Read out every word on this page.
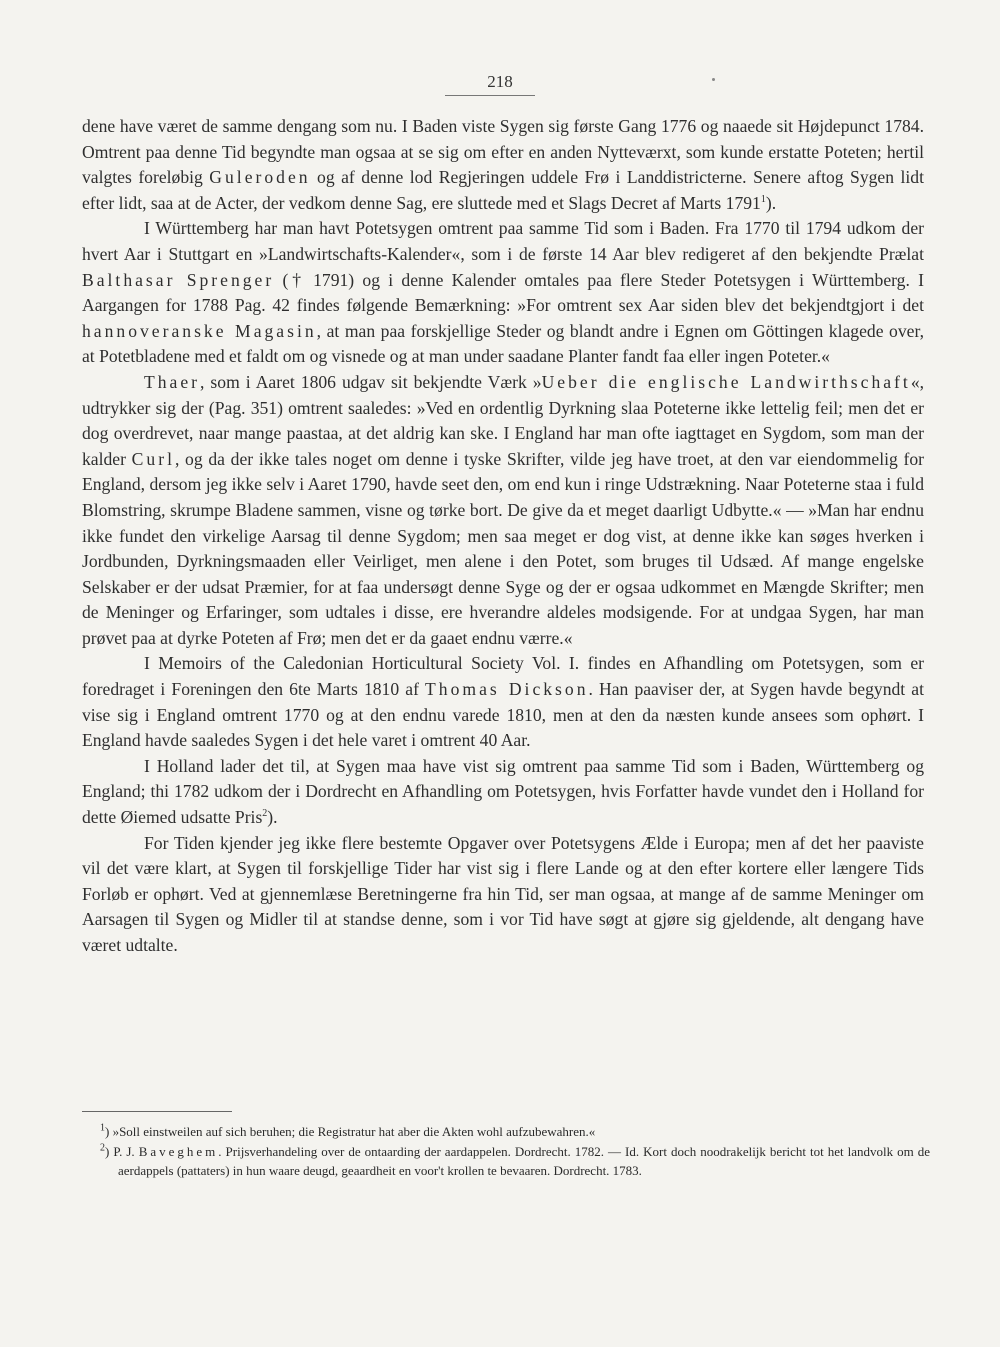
218

dene have været de samme dengang som nu. I Baden viste Sygen sig første Gang 1776 og naaede sit Højdepunct 1784. Omtrent paa denne Tid begyndte man ogsaa at se sig om efter en anden Nytteværxt, som kunde erstatte Poteten; hertil valgtes foreløbig Guleroden og af denne lod Regjeringen uddele Frø i Landdistricterne. Senere aftog Sygen lidt efter lidt, saa at de Acter, der vedkom denne Sag, ere sluttede med et Slags Decret af Marts 1791$^1$).

I Württemberg har man havt Potetsygen omtrent paa samme Tid som i Baden. Fra 1770 til 1794 udkom der hvert Aar i Stuttgart en »Landwirtschafts-Kalender«, som i de første 14 Aar blev redigeret af den bekjendte Prælat Balthasar Sprenger († 1791) og i denne Kalender omtales paa flere Steder Potetsygen i Württemberg. I Aargangen for 1788 Pag. 42 findes følgende Bemærkning: »For omtrent sex Aar siden blev det bekjendtgjort i det hannoveranske Magasin, at man paa forskjellige Steder og blandt andre i Egnen om Göttingen klagede over, at Potetbladene med et faldt om og visnede og at man under saadane Planter fandt faa eller ingen Poteter.«

Thaer, som i Aaret 1806 udgav sit bekjendte Værk »Ueber die englische Landwirthschaft«, udtrykker sig der (Pag. 351) omtrent saaledes: »Ved en ordentlig Dyrkning slaa Poteterne ikke lettelig feil; men det er dog overdrevet, naar mange paastaa, at det aldrig kan ske. I England har man ofte iagttaget en Sygdom, som man der kalder Curl, og da der ikke tales noget om denne i tyske Skrifter, vilde jeg have troet, at den var eiendommelig for England, dersom jeg ikke selv i Aaret 1790, havde seet den, om end kun i ringe Udstrækning. Naar Poteterne staa i fuld Blomstring, skrumpe Bladene sammen, visne og tørke bort. De give da et meget daarligt Udbytte.« — »Man har endnu ikke fundet den virkelige Aarsag til denne Sygdom; men saa meget er dog vist, at denne ikke kan søges hverken i Jordbunden, Dyrkningsmaaden eller Veirliget, men alene i den Potet, som bruges til Udsæd. Af mange engelske Selskaber er der udsat Præmier, for at faa undersøgt denne Syge og der er ogsaa udkommet en Mængde Skrifter; men de Meninger og Erfaringer, som udtales i disse, ere hverandre aldeles modsigende. For at undgaa Sygen, har man prøvet paa at dyrke Poteten af Frø; men det er da gaaet endnu værre.«

I Memoirs of the Caledonian Horticultural Society Vol. I. findes en Afhandling om Potetsygen, som er foredraget i Foreningen den 6te Marts 1810 af Thomas Dickson. Han paaviser der, at Sygen havde begyndt at vise sig i England omtrent 1770 og at den endnu varede 1810, men at den da næsten kunde ansees som ophørt. I England havde saaledes Sygen i det hele varet i omtrent 40 Aar.

I Holland lader det til, at Sygen maa have vist sig omtrent paa samme Tid som i Baden, Württemberg og England; thi 1782 udkom der i Dordrecht en Afhandling om Potetsygen, hvis Forfatter havde vundet den i Holland for dette Øiemed udsatte Pris$^2$).

For Tiden kjender jeg ikke flere bestemte Opgaver over Potetsygens Ælde i Europa; men af det her paaviste vil det være klart, at Sygen til forskjellige Tider har vist sig i flere Lande og at den efter kortere eller længere Tids Forløb er ophørt. Ved at gjennemlæse Beretningerne fra hin Tid, ser man ogsaa, at mange af de samme Meninger om Aarsagen til Sygen og Midler til at standse denne, som i vor Tid have søgt at gjøre sig gjeldende, alt dengang have været udtalte.

$^1$) »Soll einstweilen auf sich beruhen; die Registratur hat aber die Akten wohl aufzubewahren.«

$^2$) P. J. Baveghem. Prijsverhandeling over de ontaarding der aardappelen. Dordrecht. 1782. — Id. Kort doch noodrakelijk bericht tot het landvolk om de aerdappels (pattaters) in hun waare deugd, geaardheit en voor't krollen te bevaaren. Dordrecht. 1783.
